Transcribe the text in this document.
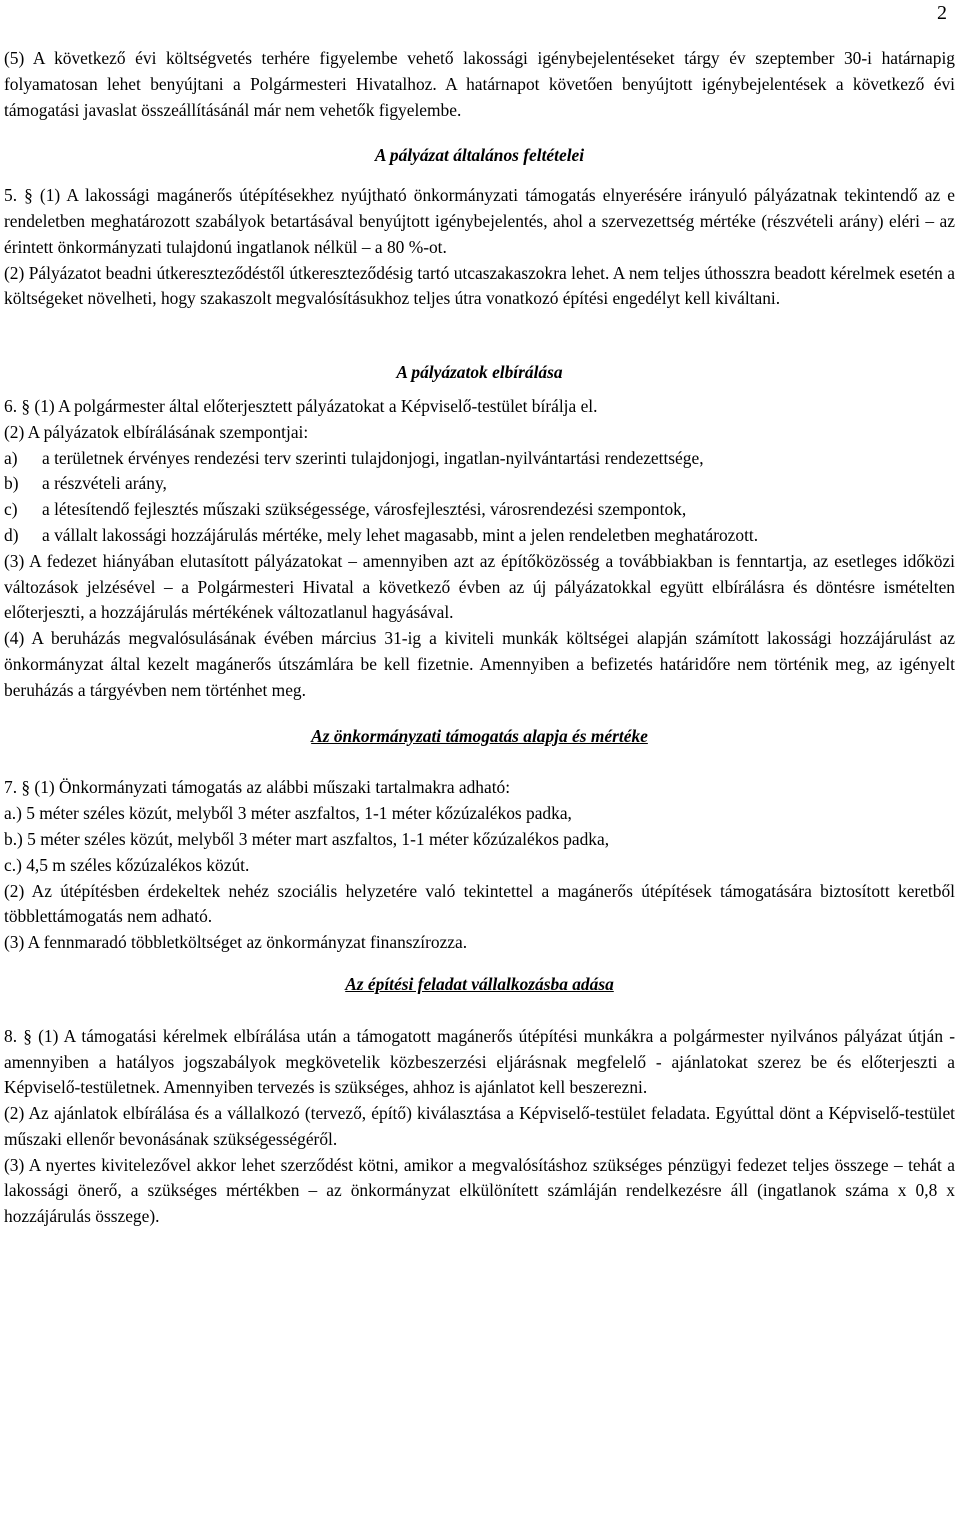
2

(5) A következő évi költségvetés terhére figyelembe vehető lakossági igénybejelentéseket tárgy év szeptember 30-i határnapig folyamatosan lehet benyújtani a Polgármesteri Hivatalhoz. A határnapot követően benyújtott igénybejelentések a következő évi támogatási javaslat összeállításánál már nem vehetők figyelembe.

A pályázat általános feltételei

5. § (1) A lakossági magánerős útépítésekhez nyújtható önkormányzati támogatás elnyerésére irányuló pályázatnak tekintendő az e rendeletben meghatározott szabályok betartásával benyújtott igénybejelentés, ahol a szervezettség mértéke (részvételi arány) eléri – az érintett önkormányzati tulajdonú ingatlanok nélkül – a 80 %-ot.

(2) Pályázatot beadni útkereszteződéstől útkereszteződésig tartó utcaszakaszokra lehet. A nem teljes úthosszra beadott kérelmek esetén a költségeket növelheti, hogy szakaszolt megvalósításukhoz teljes útra vonatkozó építési engedélyt kell kiváltani.

A pályázatok elbírálása

6. § (1) A polgármester által előterjesztett pályázatokat a Képviselő-testület bírálja el.

(2) A pályázatok elbírálásának szempontjai:

a)	a területnek érvényes rendezési terv szerinti tulajdonjogi, ingatlan-nyilvántartási rendezettsége,
b)	a részvételi arány,
c)	a létesítendő fejlesztés műszaki szükségessége, városfejlesztési, városrendezési szempontok,
d)	a vállalt lakossági hozzájárulás mértéke, mely lehet magasabb, mint a jelen rendeletben meghatározott.

(3) A fedezet hiányában elutasított pályázatokat – amennyiben azt az építőközösség a továbbiakban is fenntartja, az esetleges időközi változások jelzésével – a Polgármesteri Hivatal a következő évben az új pályázatokkal együtt elbírálásra és döntésre ismételten előterjeszti, a hozzájárulás mértékének változatlanul hagyásával.

(4) A beruházás megvalósulásának évében március 31-ig a kiviteli munkák költségei alapján számított lakossági hozzájárulást az önkormányzat által kezelt magánerős útszámlára be kell fizetnie. Amennyiben a befizetés határidőre nem történik meg, az igényelt beruházás a tárgyévben nem történhet meg.

Az önkormányzati támogatás alapja és mértéke

7. § (1) Önkormányzati támogatás az alábbi műszaki tartalmakra adható:

a.) 5 méter széles közút, melyből 3 méter aszfaltos, 1-1 méter kőzúzalékos padka,

b.) 5 méter széles közút, melyből 3 méter mart aszfaltos, 1-1 méter kőzúzalékos padka,

c.) 4,5 m széles kőzúzalékos közút.

(2) Az útépítésben érdekeltek nehéz szociális helyzetére való tekintettel a magánerős útépítések támogatására biztosított keretből többlettámogatás nem adható.

(3) A fennmaradó többletköltséget az önkormányzat finanszírozza.

Az építési feladat vállalkozásba adása

8. § (1) A támogatási kérelmek elbírálása után a támogatott magánerős útépítési munkákra a polgármester nyilvános pályázat útján - amennyiben a hatályos jogszabályok megkövetelik közbeszerzési eljárásnak megfelelő - ajánlatokat szerez be és előterjeszti a Képviselő-testületnek. Amennyiben tervezés is szükséges, ahhoz is ajánlatot kell beszerezni.

(2) Az ajánlatok elbírálása és a vállalkozó (tervező, építő) kiválasztása a Képviselő-testület feladata. Egyúttal dönt a Képviselő-testület műszaki ellenőr bevonásának szükségességéről.

(3) A nyertes kivitelezővel akkor lehet szerződést kötni, amikor a megvalósításhoz szükséges pénzügyi fedezet teljes összege – tehát a lakossági önerő, a szükséges mértékben – az önkormányzat elkülönített számláján rendelkezésre áll (ingatlanok száma x 0,8 x hozzájárulás összege).
